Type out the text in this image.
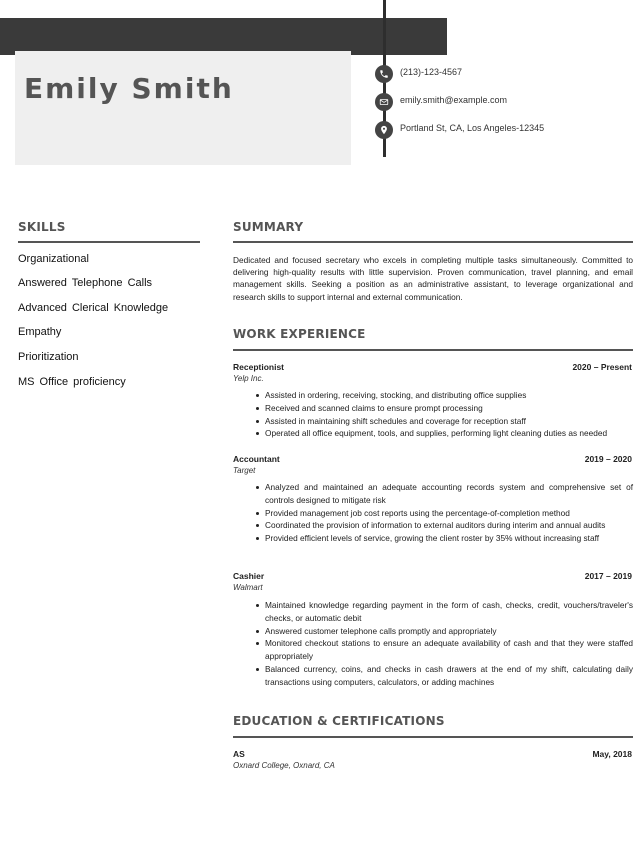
Emily Smith	(213)-123-4567
emily.smith@example.com
Portland St, CA, Los Angeles-12345
SKILLS
Organizational
Answered Telephone Calls
Advanced Clerical Knowledge
Empathy
Prioritization
MS Office proficiency
SUMMARY
Dedicated and focused secretary who excels in completing multiple tasks simultaneously. Committed to delivering high-quality results with little supervision. Proven communication, travel planning, and email management skills. Seeking a position as an administrative assistant, to leverage organizational and research skills to support internal and external communication.
WORK EXPERIENCE
Receptionist	2020 – Present
Yelp Inc.
Assisted in ordering, receiving, stocking, and distributing office supplies
Received and scanned claims to ensure prompt processing
Assisted in maintaining shift schedules and coverage for reception staff
Operated all office equipment, tools, and supplies, performing light cleaning duties as needed
Accountant	2019 – 2020
Target
Analyzed and maintained an adequate accounting records system and comprehensive set of controls designed to mitigate risk
Provided management job cost reports using the percentage-of-completion method
Coordinated the provision of information to external auditors during interim and annual audits
Provided efficient levels of service, growing the client roster by 35% without increasing staff
Cashier	2017 – 2019
Walmart
Maintained knowledge regarding payment in the form of cash, checks, credit, vouchers/traveler's checks, or automatic debit
Answered customer telephone calls promptly and appropriately
Monitored checkout stations to ensure an adequate availability of cash and that they were staffed appropriately
Balanced currency, coins, and checks in cash drawers at the end of my shift, calculating daily transactions using computers, calculators, or adding machines
EDUCATION & CERTIFICATIONS
AS	May, 2018
Oxnard College, Oxnard, CA
